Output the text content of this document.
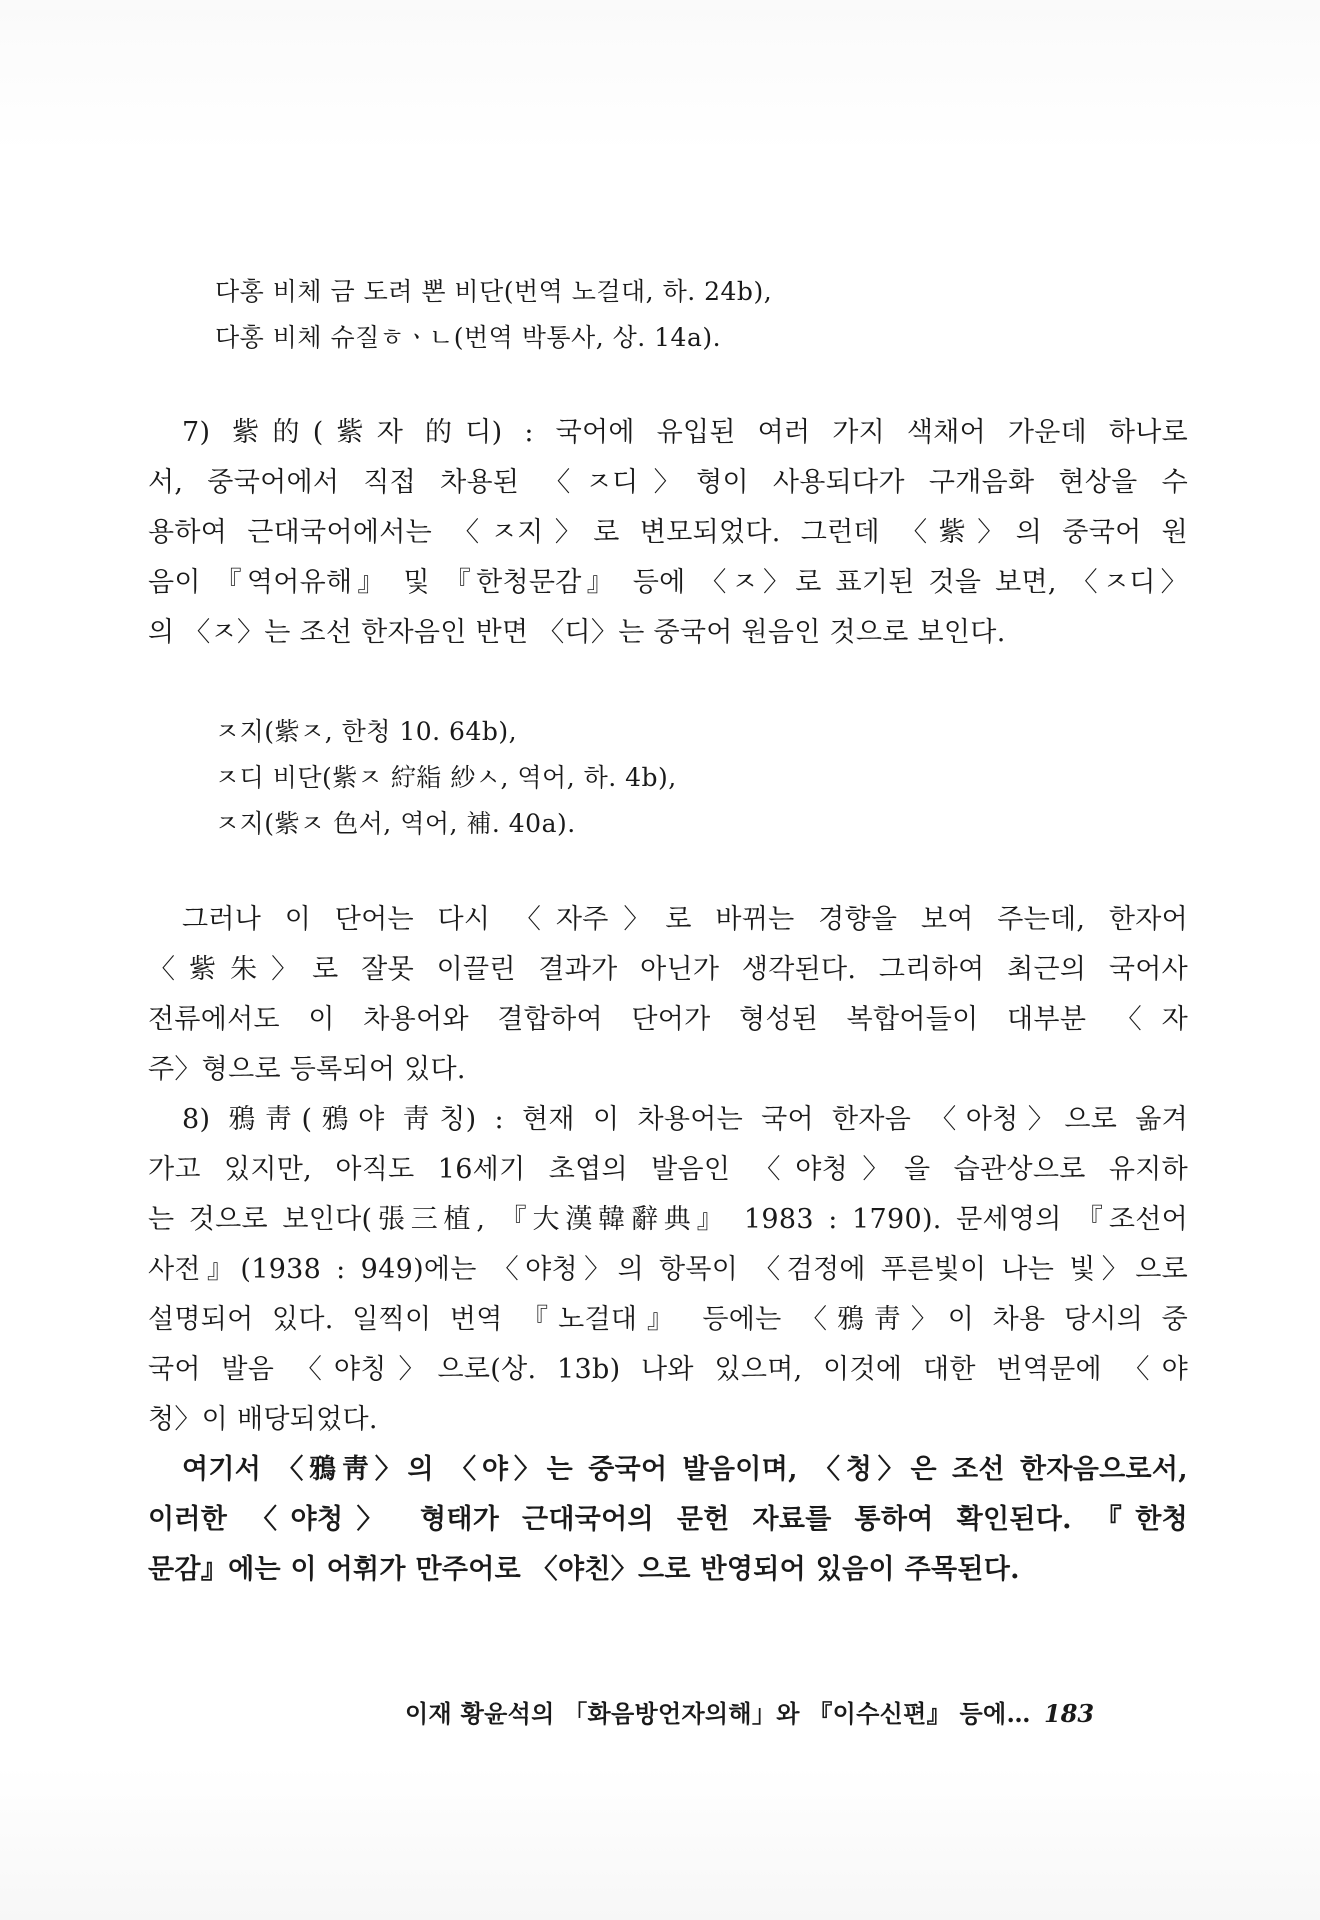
다홍 비체 금 도려 뽄 비단(번역 노걸대, 하. 24b),
다홍 비체 슈질ㅎㆍㄴ(번역 박통사, 상. 14a).
7) 紫的(紫자 的디) : 국어에 유입된 여러 가지 색채어 가운데 하나로
서, 중국어에서 직접 차용된 〈ㅈ디〉형이 사용되다가 구개음화 현상을 수
용하여 근대국어에서는 〈ㅈ지〉로 변모되었다. 그런데 〈紫〉의 중국어 원
음이 『역어유해』 및 『한청문감』 등에 〈ㅈ〉로 표기된 것을 보면, 〈ㅈ디〉
의 〈ㅈ〉는 조선 한자음인 반면 〈디〉는 중국어 원음인 것으로 보인다.
ㅈ지(紫ㅈ, 한청 10. 64b),
ㅈ디 비단(紫ㅈ 紵𥿻 紗ㅅ, 역어, 하. 4b),
ㅈ지(紫ㅈ 色서, 역어, 補. 40a).
그러나 이 단어는 다시 〈자주〉로 바뀌는 경향을 보여 주는데, 한자어
〈紫朱〉로 잘못 이끌린 결과가 아닌가 생각된다. 그리하여 최근의 국어사
전류에서도 이 차용어와 결합하여 단어가 형성된 복합어들이 대부분 〈자
주〉형으로 등록되어 있다.
8) 鴉靑(鴉야 靑칭) : 현재 이 차용어는 국어 한자음 〈아청〉으로 옮겨
가고 있지만, 아직도 16세기 초엽의 발음인 〈야청〉을 습관상으로 유지하
는 것으로 보인다(張三植, 『大漢韓辭典』 1983 : 1790). 문세영의 『조선어
사전』(1938 : 949)에는 〈야청〉의 항목이 〈검정에 푸른빛이 나는 빛〉으로
설명되어 있다. 일찍이 번역 『노걸대』 등에는 〈鴉靑〉이 차용 당시의 중
국어 발음 〈야칭〉으로(상. 13b) 나와 있으며, 이것에 대한 번역문에 〈야
청〉이 배당되었다.
여기서 〈鴉靑〉의 〈야〉는 중국어 발음이며, 〈청〉은 조선 한자음으로서,
이러한 〈야청〉 형태가 근대국어의 문헌 자료를 통하여 확인된다. 『한청
문감』에는 이 어휘가 만주어로 〈야친〉으로 반영되어 있음이 주목된다.
이재 황윤석의 「화음방언자의해」와 『이수신편』 등에… 183
